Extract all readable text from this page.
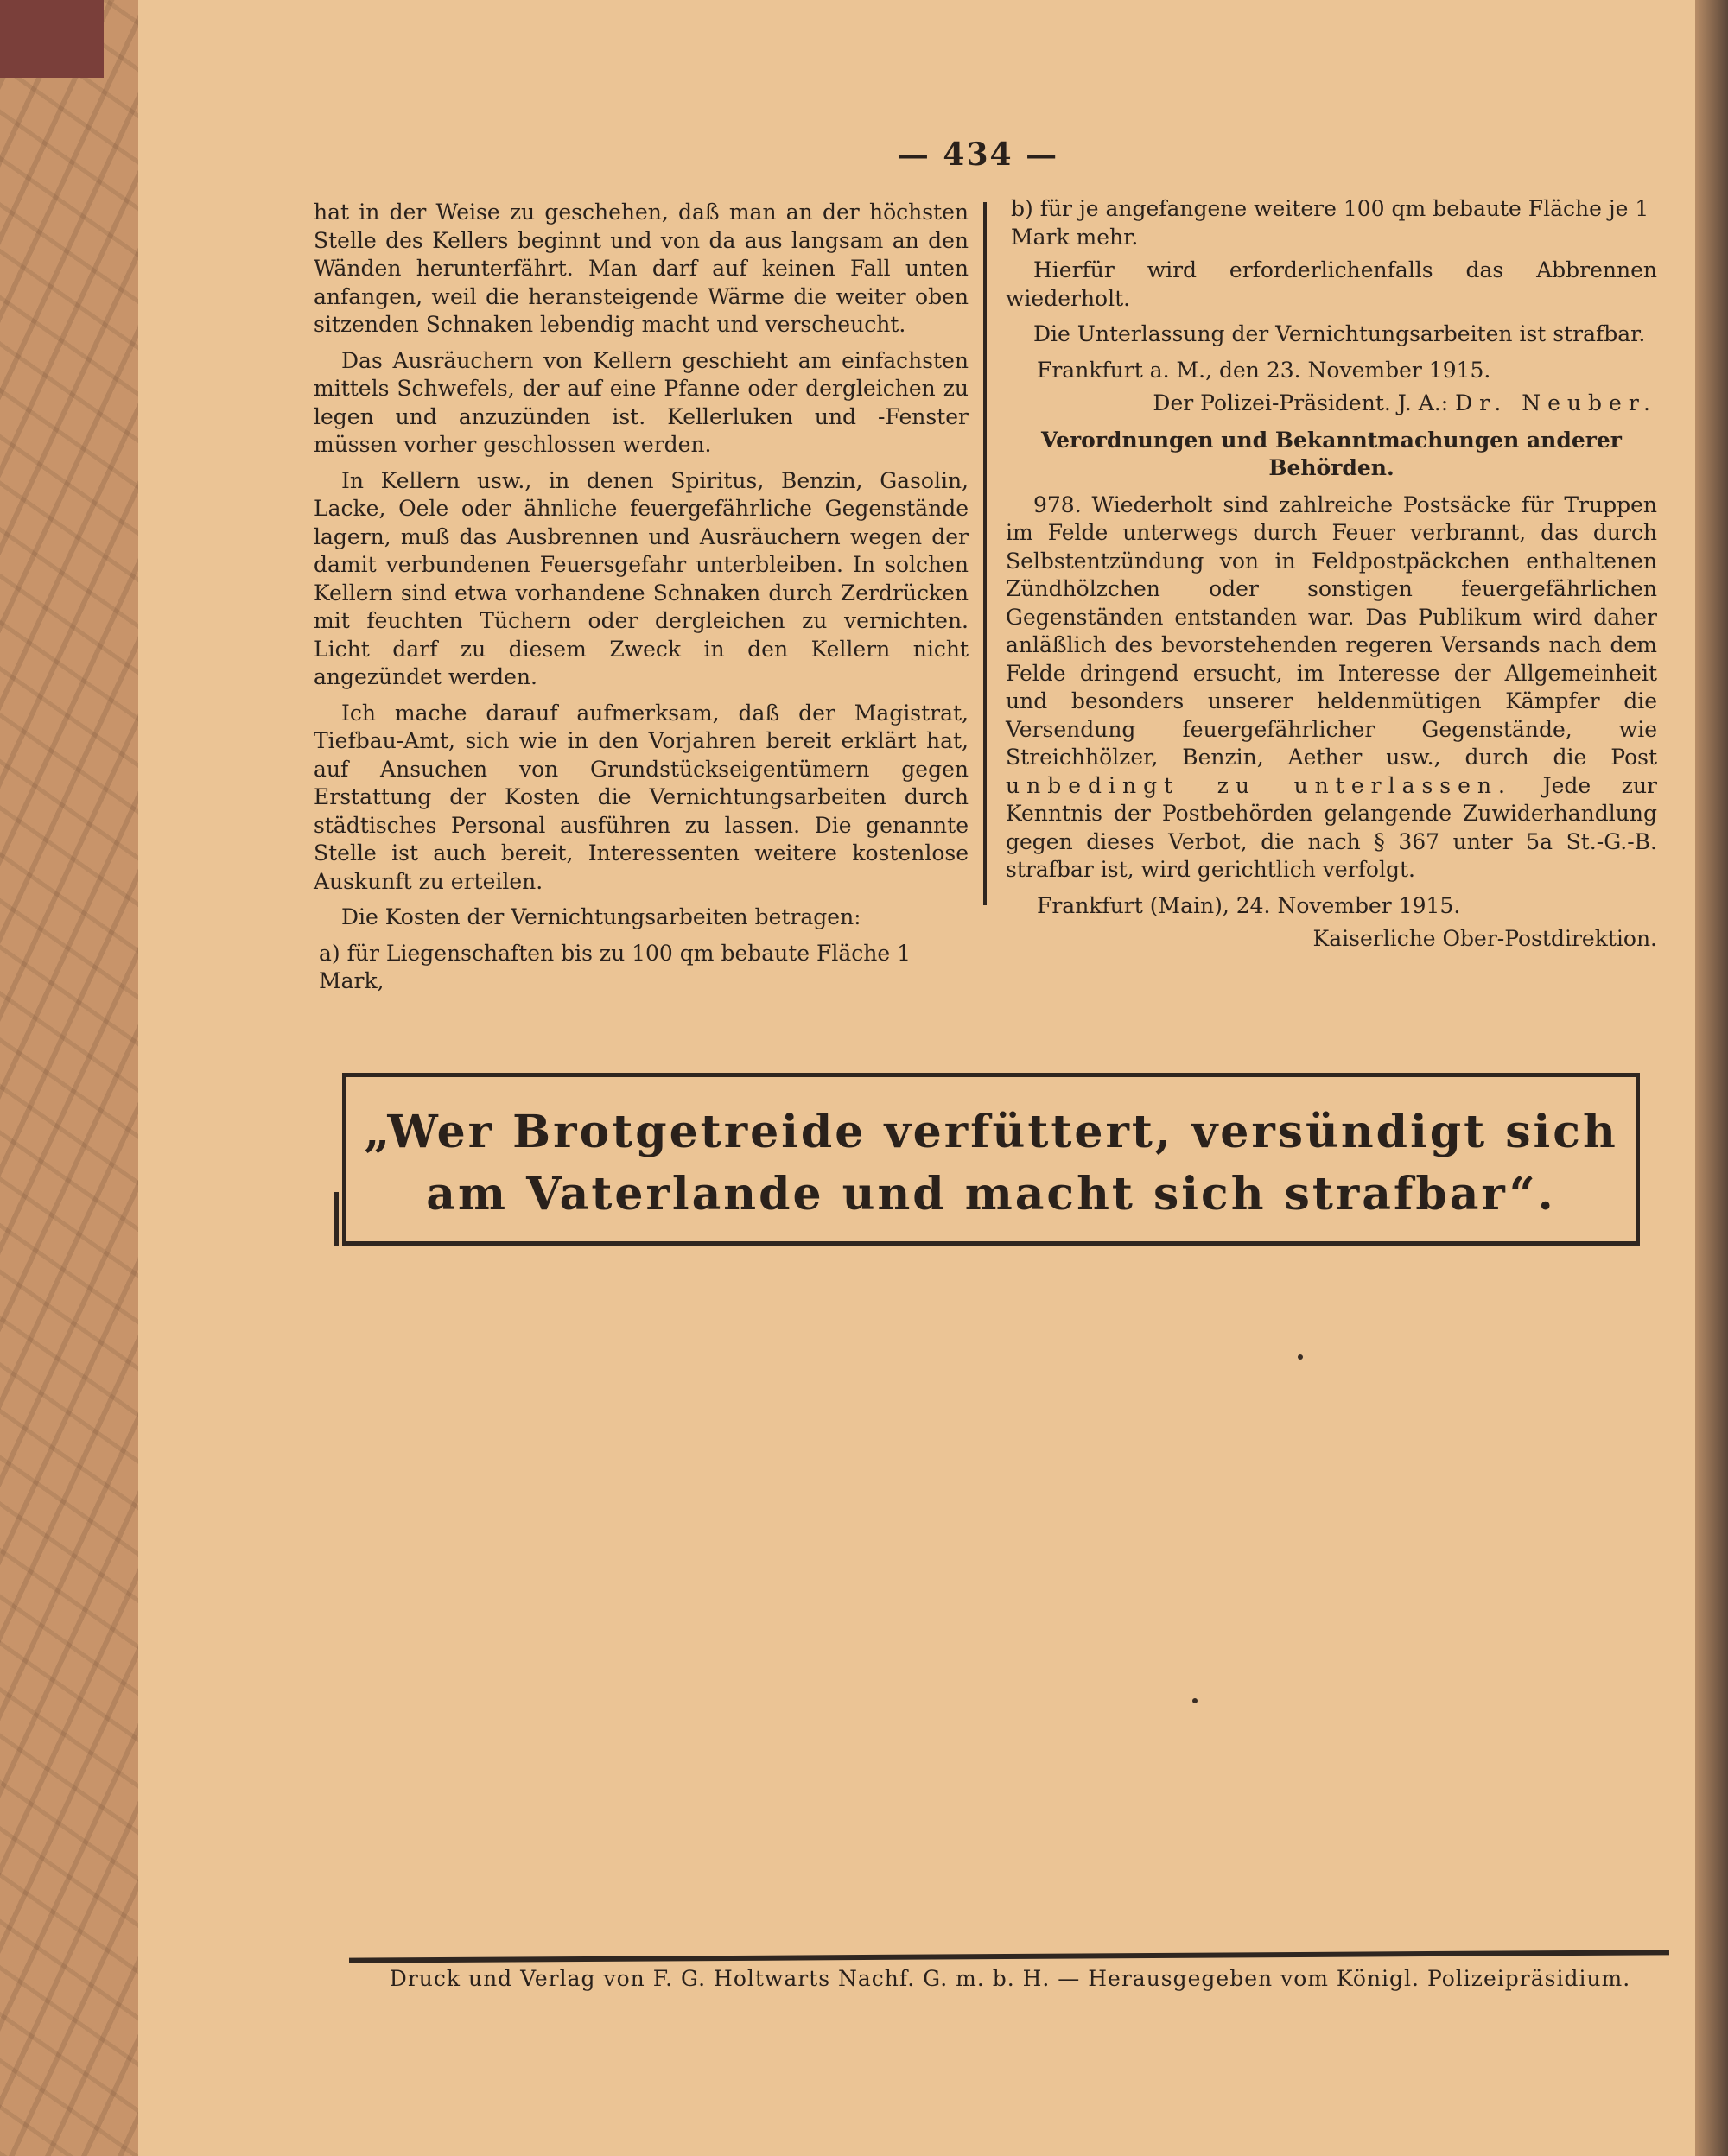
— 434 —

hat in der Weise zu geschehen, daß man an der höchsten Stelle des Kellers beginnt und von da aus langsam an den Wänden herunterfährt. Man darf auf keinen Fall unten anfangen, weil die heransteigende Wärme die weiter oben sitzenden Schnaken lebendig macht und verscheucht.

Das Ausräuchern von Kellern geschieht am einfachsten mittels Schwefels, der auf eine Pfanne oder dergleichen zu legen und anzuzünden ist. Kellerluken und -Fenster müssen vorher geschlossen werden.

In Kellern usw., in denen Spiritus, Benzin, Gasolin, Lacke, Oele oder ähnliche feuergefährliche Gegenstände lagern, muß das Ausbrennen und Ausräuchern wegen der damit verbundenen Feuersgefahr unterbleiben. In solchen Kellern sind etwa vorhandene Schnaken durch Zerdrücken mit feuchten Tüchern oder dergleichen zu vernichten. Licht darf zu diesem Zweck in den Kellern nicht angezündet werden.

Ich mache darauf aufmerksam, daß der Magistrat, Tiefbau-Amt, sich wie in den Vorjahren bereit erklärt hat, auf Ansuchen von Grundstückseigentümern gegen Erstattung der Kosten die Vernichtungsarbeiten durch städtisches Personal ausführen zu lassen. Die genannte Stelle ist auch bereit, Interessenten weitere kostenlose Auskunft zu erteilen.

Die Kosten der Vernichtungsarbeiten betragen:

a) für Liegenschaften bis zu 100 qm bebaute Fläche 1 Mark,

b) für je angefangene weitere 100 qm bebaute Fläche je 1 Mark mehr.

Hierfür wird erforderlichenfalls das Abbrennen wiederholt.

Die Unterlassung der Vernichtungsarbeiten ist strafbar.

Frankfurt a. M., den 23. November 1915.

Der Polizei-Präsident. J. A.: Dr. Neuber.

Verordnungen und Bekanntmachungen anderer Behörden.

978. Wiederholt sind zahlreiche Postsäcke für Truppen im Felde unterwegs durch Feuer verbrannt, das durch Selbstentzündung von in Feldpostpäckchen enthaltenen Zündhölzchen oder sonstigen feuergefährlichen Gegenständen entstanden war. Das Publikum wird daher anläßlich des bevorstehenden regeren Versands nach dem Felde dringend ersucht, im Interesse der Allgemeinheit und besonders unserer heldenmütigen Kämpfer die Versendung feuergefährlicher Gegenstände, wie Streichhölzer, Benzin, Aether usw., durch die Post unbedingt zu unterlassen. Jede zur Kenntnis der Postbehörden gelangende Zuwiderhandlung gegen dieses Verbot, die nach § 367 unter 5a St.-G.-B. strafbar ist, wird gerichtlich verfolgt.

Frankfurt (Main), 24. November 1915.

Kaiserliche Ober-Postdirektion.

„Wer Brotgetreide verfüttert, versündigt sich
am Vaterlande und macht sich strafbar“.
Druck und Verlag von F. G. Holtwarts Nachf. G. m. b. H. — Herausgegeben vom Königl. Polizeipräsidium.
